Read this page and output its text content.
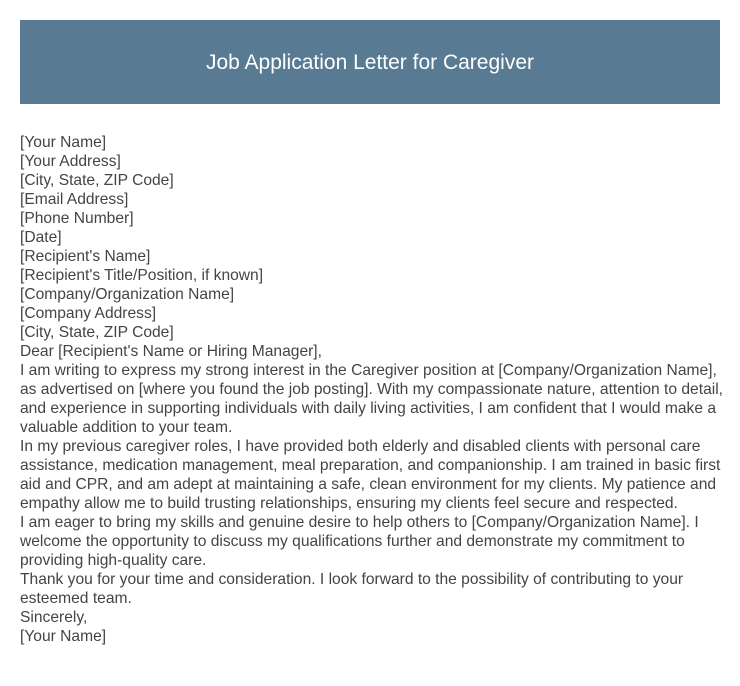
Job Application Letter for Caregiver

[Your Name]

[Your Address]

[City, State, ZIP Code]

[Email Address]

[Phone Number]

[Date]

[Recipient's Name]

[Recipient's Title/Position, if known]

[Company/Organization Name]

[Company Address]

[City, State, ZIP Code]

Dear [Recipient's Name or Hiring Manager],

I am writing to express my strong interest in the Caregiver position at [Company/Organization Name], as advertised on [where you found the job posting]. With my compassionate nature, attention to detail, and experience in supporting individuals with daily living activities, I am confident that I would make a valuable addition to your team.

In my previous caregiver roles, I have provided both elderly and disabled clients with personal care assistance, medication management, meal preparation, and companionship. I am trained in basic first aid and CPR, and am adept at maintaining a safe, clean environment for my clients. My patience and empathy allow me to build trusting relationships, ensuring my clients feel secure and respected.

I am eager to bring my skills and genuine desire to help others to [Company/Organization Name]. I welcome the opportunity to discuss my qualifications further and demonstrate my commitment to providing high-quality care.

Thank you for your time and consideration. I look forward to the possibility of contributing to your esteemed team.

Sincerely,

[Your Name]
